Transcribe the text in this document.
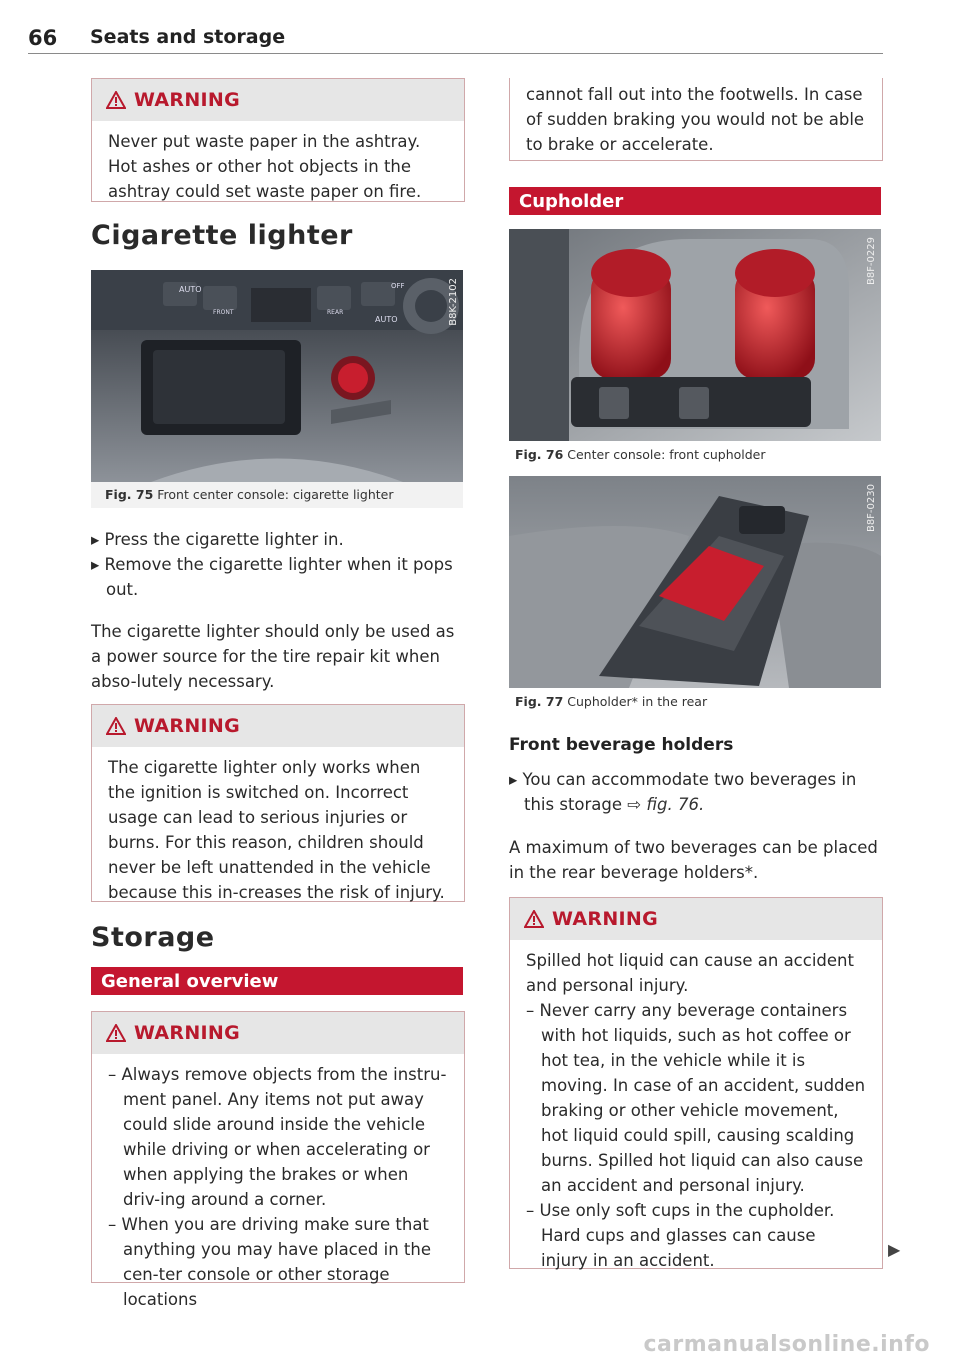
66 Seats and storage
WARNING
Never put waste paper in the ashtray. Hot ashes or other hot objects in the ashtray could set waste paper on fire.
Cigarette lighter
AUTO
FRONT	REAR
AUTO
OFF	B8K-2102
Fig. 75 Front center console: cigarette lighter
▸ Press the cigarette lighter in.
▸ Remove the cigarette lighter when it pops out.
The cigarette lighter should only be used as a power source for the tire repair kit when abso-lutely necessary.
WARNING
The cigarette lighter only works when the ignition is switched on. Incorrect usage can lead to serious injuries or burns. For this reason, children should never be left unattended in the vehicle because this in-creases the risk of injury.
Storage
General overview
WARNING
– Always remove objects from the instru-ment panel. Any items not put away could slide around inside the vehicle while driving or when accelerating or when applying the brakes or when driv-ing around a corner.
– When you are driving make sure that anything you may have placed in the cen-ter console or other storage locations
cannot fall out into the footwells. In case of sudden braking you would not be able to brake or accelerate.
Cupholder
B8F-0229
Fig. 76 Center console: front cupholder
B8F-0230
Fig. 77 Cupholder* in the rear
Front beverage holders
▸ You can accommodate two beverages in this storage ⇨ fig. 76.
A maximum of two beverages can be placed in the rear beverage holders*.
WARNING
Spilled hot liquid can cause an accident and personal injury.
– Never carry any beverage containers with hot liquids, such as hot coffee or hot tea, in the vehicle while it is moving. In case of an accident, sudden braking or other vehicle movement, hot liquid could spill, causing scalding burns. Spilled hot liquid can also cause an accident and personal injury.
– Use only soft cups in the cupholder. Hard cups and glasses can cause injury in an accident.
▶
carmanualsonline.info
